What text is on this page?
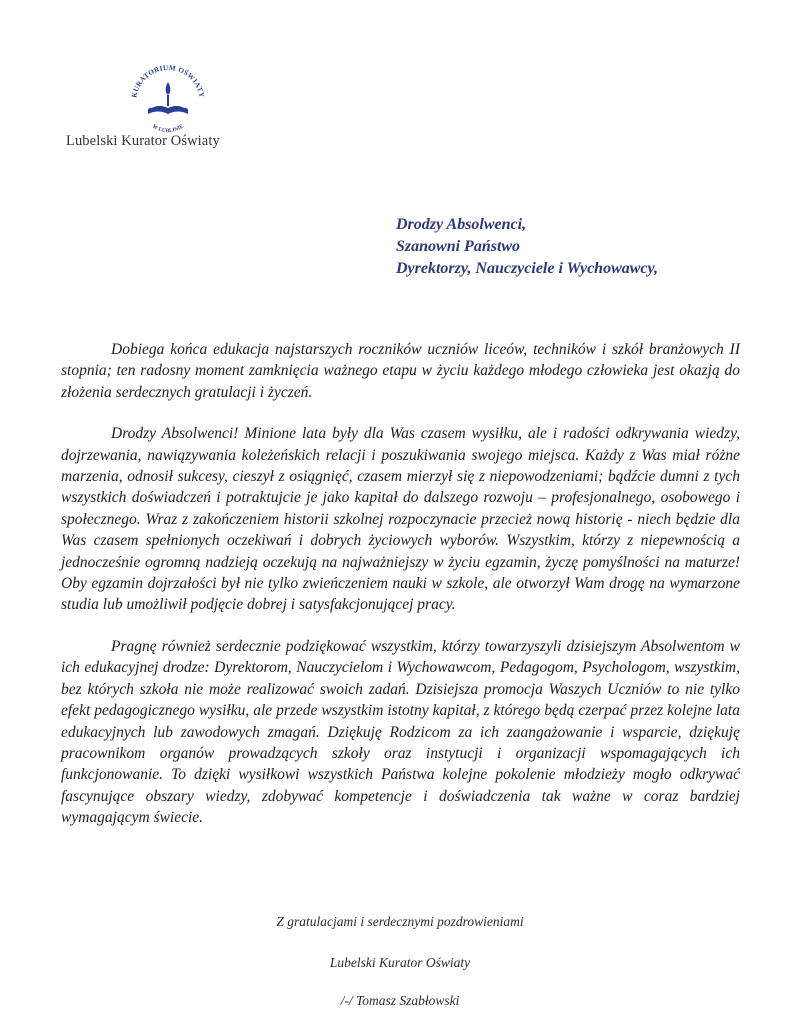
KURATORIUM OŚWIATY
W LUBLINIE
Lubelski Kurator Oświaty
Drodzy Absolwenci,
Szanowni Państwo
Dyrektorzy, Nauczyciele i Wychowawcy,

Dobiega końca edukacja najstarszych roczników uczniów liceów, techników i szkół branżowych II stopnia; ten radosny moment zamknięcia ważnego etapu w życiu każdego młodego człowieka jest okazją do złożenia serdecznych gratulacji i życzeń.

Drodzy Absolwenci! Minione lata były dla Was czasem wysiłku, ale i radości odkrywania wiedzy, dojrzewania, nawiązywania koleżeńskich relacji i poszukiwania swojego miejsca. Każdy z Was miał różne marzenia, odnosił sukcesy, cieszył z osiągnięć, czasem mierzył się z niepowodzeniami; bądźcie dumni z tych wszystkich doświadczeń i potraktujcie je jako kapitał do dalszego rozwoju – profesjonalnego, osobowego i społecznego. Wraz z zakończeniem historii szkolnej rozpoczynacie przecież nową historię - niech będzie dla Was czasem spełnionych oczekiwań i dobrych życiowych wyborów. Wszystkim, którzy z niepewnością a jednocześnie ogromną nadzieją oczekują na najważniejszy w życiu egzamin, życzę pomyślności na maturze! Oby egzamin dojrzałości był nie tylko zwieńczeniem nauki w szkole, ale otworzył Wam drogę na wymarzone studia lub umożliwił podjęcie dobrej i satysfakcjonującej pracy.

Pragnę również serdecznie podziękować wszystkim, którzy towarzyszyli dzisiejszym Absolwentom w ich edukacyjnej drodze: Dyrektorom, Nauczycielom i Wychowawcom, Pedagogom, Psychologom, wszystkim, bez których szkoła nie może realizować swoich zadań. Dzisiejsza promocja Waszych Uczniów to nie tylko efekt pedagogicznego wysiłku, ale przede wszystkim istotny kapitał, z którego będą czerpać przez kolejne lata edukacyjnych lub zawodowych zmagań. Dziękuję Rodzicom za ich zaangażowanie i wsparcie, dziękuję pracownikom organów prowadzących szkoły oraz instytucji i organizacji wspomagających ich funkcjonowanie. To dzięki wysiłkowi wszystkich Państwa kolejne pokolenie młodzieży mogło odkrywać fascynujące obszary wiedzy, zdobywać kompetencje i doświadczenia tak ważne w coraz bardziej wymagającym świecie.

Z gratulacjami i serdecznymi pozdrowieniami
Lubelski Kurator Oświaty
/-/ Tomasz Szabłowski
